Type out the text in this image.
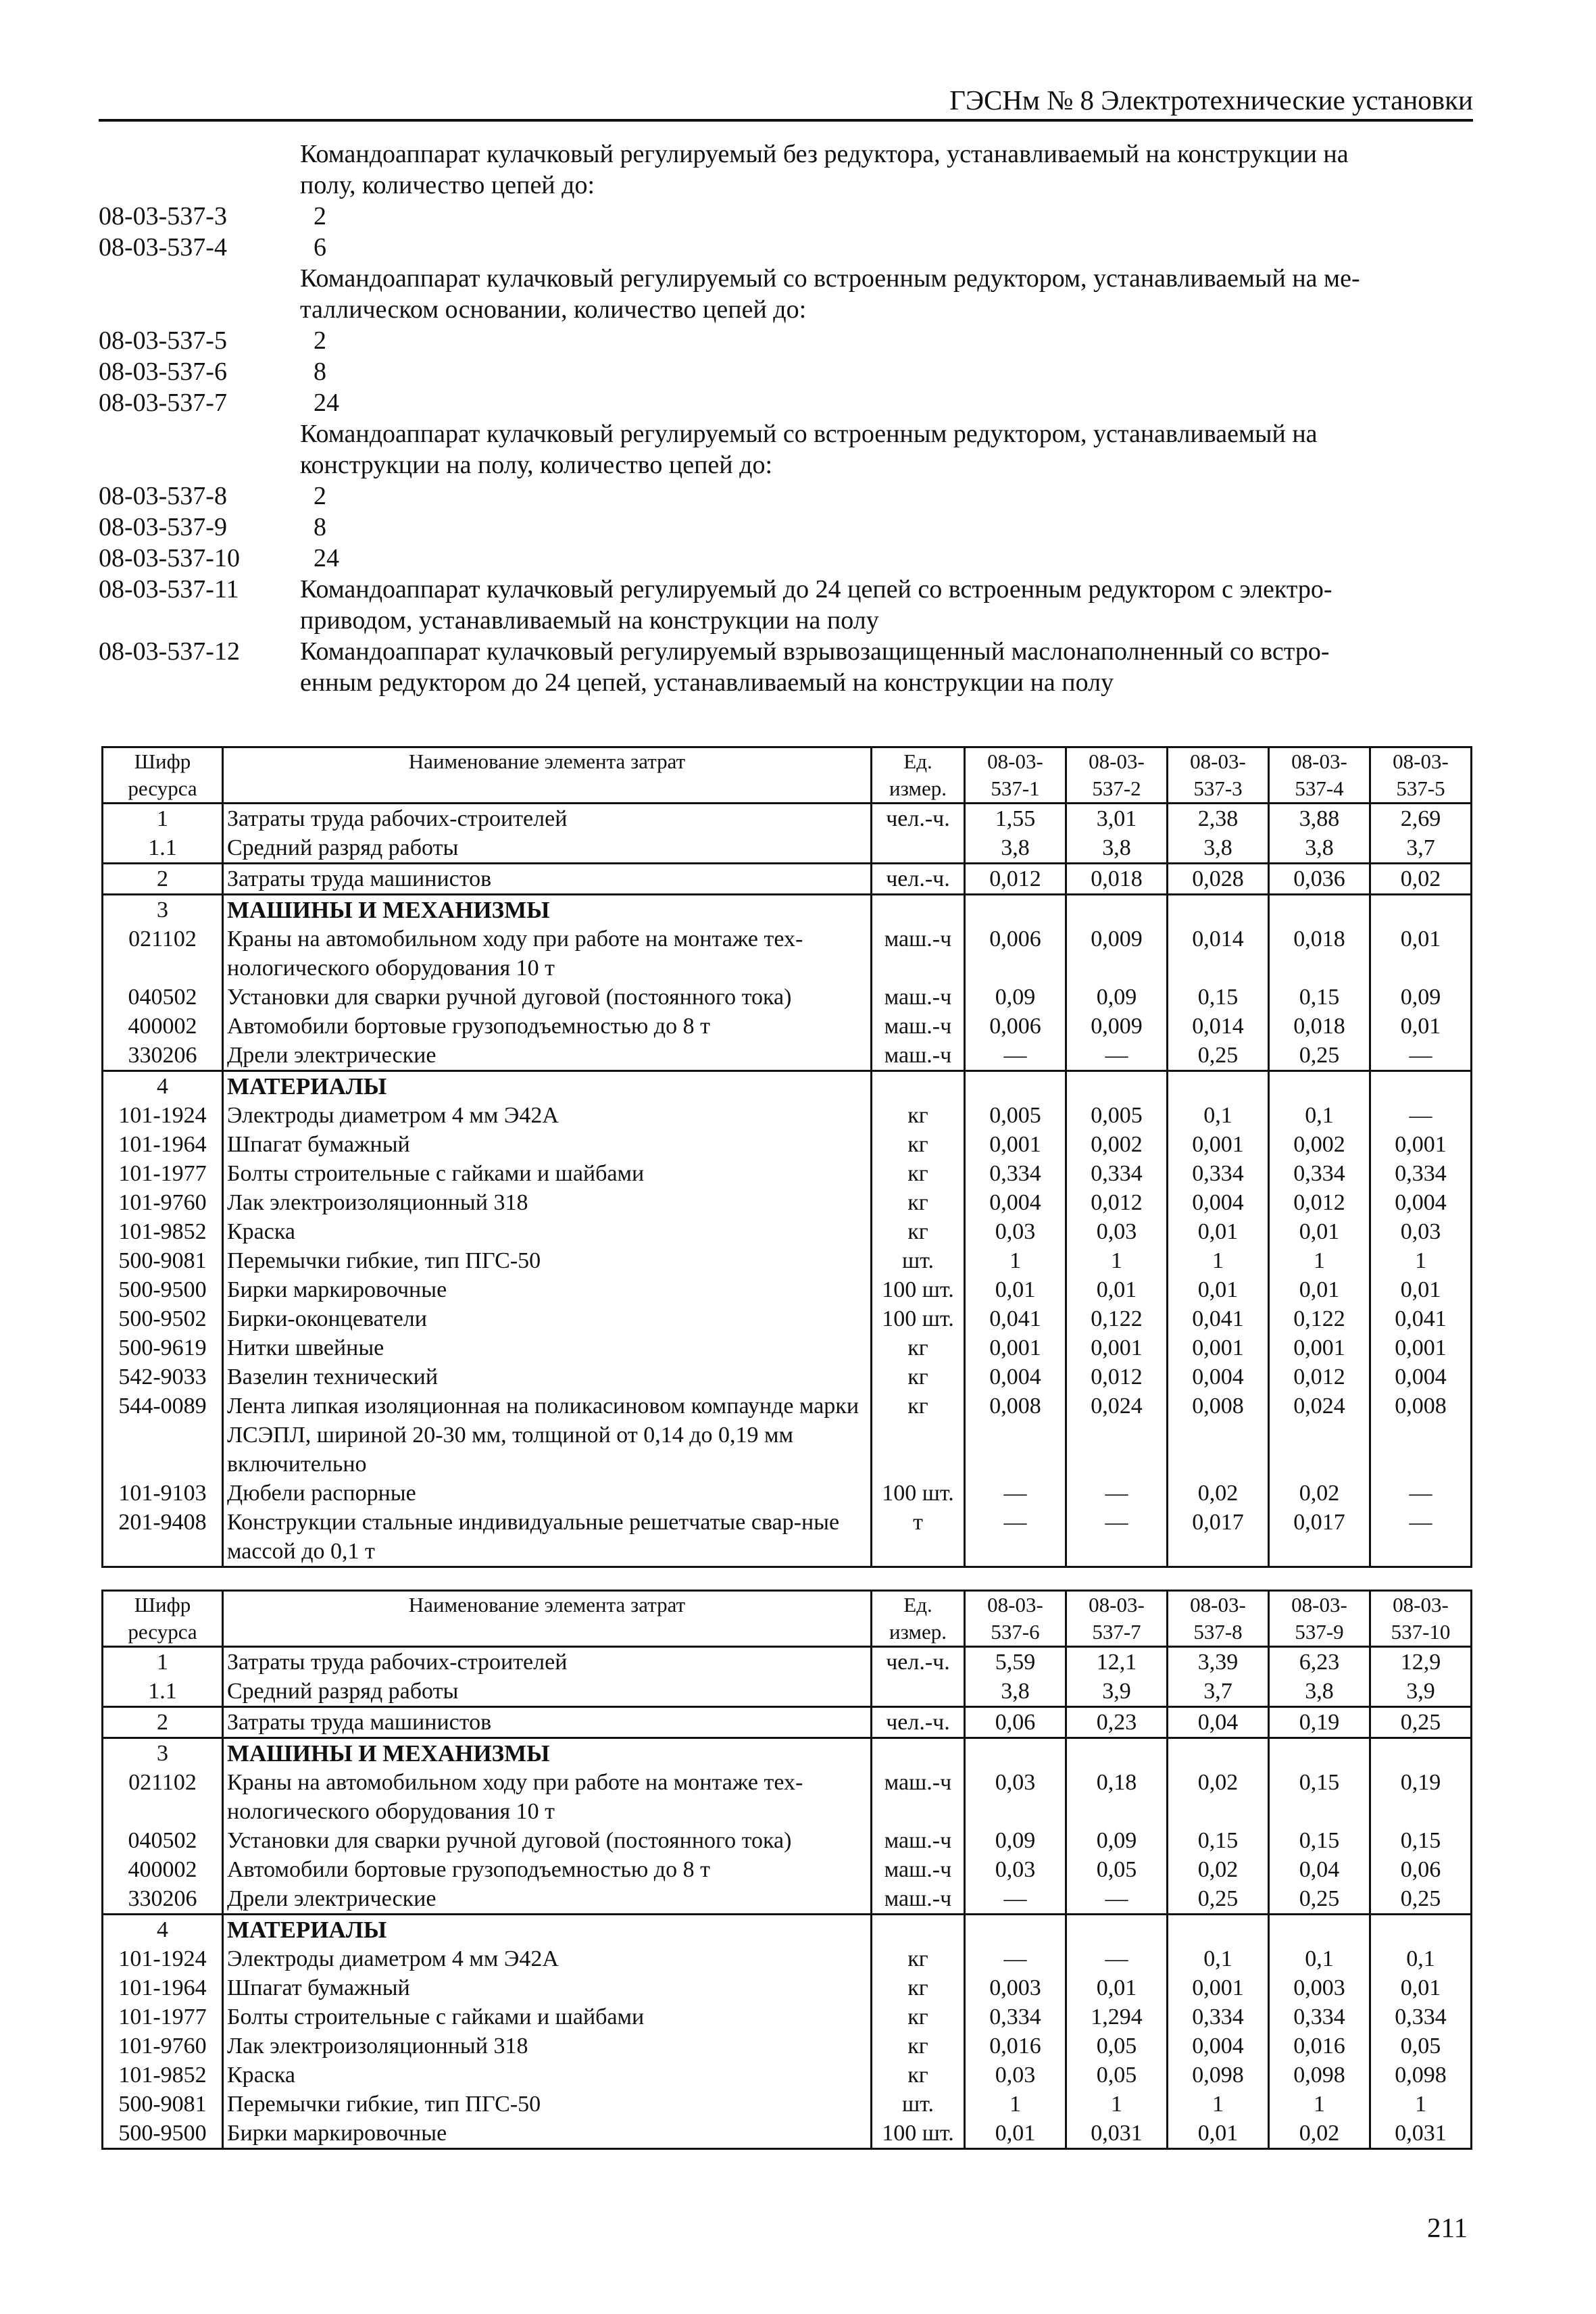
ГЭСНм № 8 Электротехнические установки
Командоаппарат кулачковый регулируемый без редуктора, устанавливаемый на конструкции на
полу, количество цепей до:
08-03-537-3	2
08-03-537-4	6
Командоаппарат кулачковый регулируемый со встроенным редуктором, устанавливаемый на ме-
таллическом основании, количество цепей до:
08-03-537-5	2
08-03-537-6	8
08-03-537-7	24
Командоаппарат кулачковый регулируемый со встроенным редуктором, устанавливаемый на
конструкции на полу, количество цепей до:
08-03-537-8	2
08-03-537-9	8
08-03-537-10	24
08-03-537-11 Командоаппарат кулачковый регулируемый до 24 цепей со встроенным редуктором с электро-
приводом, устанавливаемый на конструкции на полу
08-03-537-12 Командоаппарат кулачковый регулируемый взрывозащищенный маслонаполненный со встро-
енным редуктором до 24 цепей, устанавливаемый на конструкции на полу
Шифр ресурса	Наименование элемента затрат	Ед. измер.	08-03-537-1	08-03-537-2	08-03-537-3	08-03-537-4	08-03-537-5
1	Затраты труда рабочих-строителей	чел.-ч.	1,55	3,01	2,38	3,88	2,69
1.1	Средний разряд работы		3,8	3,8	3,8	3,8	3,7
2	Затраты труда машинистов	чел.-ч.	0,012	0,018	0,028	0,036	0,02
3	МАШИНЫ И МЕХАНИЗМЫ						
021102	Краны на автомобильном ходу при работе на монтаже тех-нологического оборудования 10 т	маш.-ч	0,006	0,009	0,014	0,018	0,01
040502	Установки для сварки ручной дуговой (постоянного тока)	маш.-ч	0,09	0,09	0,15	0,15	0,09
400002	Автомобили бортовые грузоподъемностью до 8 т	маш.-ч	0,006	0,009	0,014	0,018	0,01
330206	Дрели электрические	маш.-ч	—	—	0,25	0,25	—
4	МАТЕРИАЛЫ						
101-1924	Электроды диаметром 4 мм Э42А	кг	0,005	0,005	0,1	0,1	—
101-1964	Шпагат бумажный	кг	0,001	0,002	0,001	0,002	0,001
101-1977	Болты строительные с гайками и шайбами	кг	0,334	0,334	0,334	0,334	0,334
101-9760	Лак электроизоляционный 318	кг	0,004	0,012	0,004	0,012	0,004
101-9852	Краска	кг	0,03	0,03	0,01	0,01	0,03
500-9081	Перемычки гибкие, тип ПГС-50	шт.	1	1	1	1	1
500-9500	Бирки маркировочные	100 шт.	0,01	0,01	0,01	0,01	0,01
500-9502	Бирки-оконцеватели	100 шт.	0,041	0,122	0,041	0,122	0,041
500-9619	Нитки швейные	кг	0,001	0,001	0,001	0,001	0,001
542-9033	Вазелин технический	кг	0,004	0,012	0,004	0,012	0,004
544-0089	Лента липкая изоляционная на поликасиновом компаунде марки ЛСЭПЛ, шириной 20-30 мм, толщиной от 0,14 до 0,19 мм включительно	кг	0,008	0,024	0,008	0,024	0,008
101-9103	Дюбели распорные	100 шт.	—	—	0,02	0,02	—
201-9408	Конструкции стальные индивидуальные решетчатые свар-ные массой до 0,1 т	т	—	—	0,017	0,017	—
Шифр ресурса	Наименование элемента затрат	Ед. измер.	08-03-537-6	08-03-537-7	08-03-537-8	08-03-537-9	08-03-537-10
1	Затраты труда рабочих-строителей	чел.-ч.	5,59	12,1	3,39	6,23	12,9
1.1	Средний разряд работы		3,8	3,9	3,7	3,8	3,9
2	Затраты труда машинистов	чел.-ч.	0,06	0,23	0,04	0,19	0,25
3	МАШИНЫ И МЕХАНИЗМЫ						
021102	Краны на автомобильном ходу при работе на монтаже тех-нологического оборудования 10 т	маш.-ч	0,03	0,18	0,02	0,15	0,19
040502	Установки для сварки ручной дуговой (постоянного тока)	маш.-ч	0,09	0,09	0,15	0,15	0,15
400002	Автомобили бортовые грузоподъемностью до 8 т	маш.-ч	0,03	0,05	0,02	0,04	0,06
330206	Дрели электрические	маш.-ч	—	—	0,25	0,25	0,25
4	МАТЕРИАЛЫ						
101-1924	Электроды диаметром 4 мм Э42А	кг	—	—	0,1	0,1	0,1
101-1964	Шпагат бумажный	кг	0,003	0,01	0,001	0,003	0,01
101-1977	Болты строительные с гайками и шайбами	кг	0,334	1,294	0,334	0,334	0,334
101-9760	Лак электроизоляционный 318	кг	0,016	0,05	0,004	0,016	0,05
101-9852	Краска	кг	0,03	0,05	0,098	0,098	0,098
500-9081	Перемычки гибкие, тип ПГС-50	шт.	1	1	1	1	1
500-9500	Бирки маркировочные	100 шт.	0,01	0,031	0,01	0,02	0,031
211
